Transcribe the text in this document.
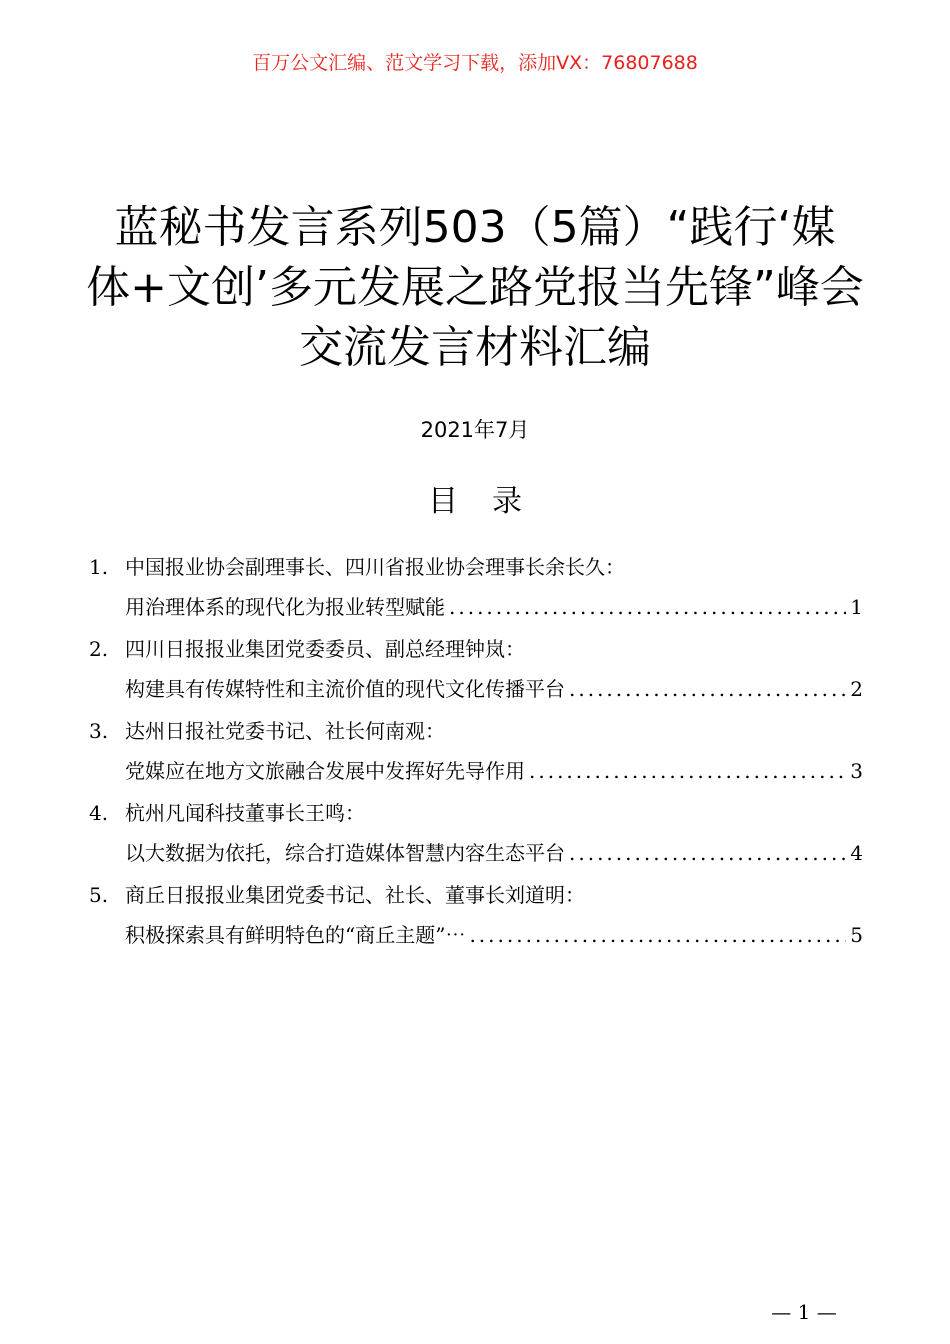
百万公文汇编、范文学习下载，添加VX：76807688
蓝秘书发言系列503（5篇）“践行‘媒
体+文创’多元发展之路党报当先锋”峰会
交流发言材料汇编
2021年7月
目录
1. 中国报业协会副理事长、四川省报业协会理事长余长久：
用治理体系的现代化为报业转型赋能 .....	1
2. 四川日报报业集团党委委员、副总经理钟岚：
构建具有传媒特性和主流价值的现代文化传播平台 .....	2
3. 达州日报社党委书记、社长何南观：
党媒应在地方文旅融合发展中发挥好先导作用 .....	3
4. 杭州凡闻科技董事长王鸣：
以大数据为依托，综合打造媒体智慧内容生态平台 .....	4
5. 商丘日报报业集团党委书记、社长、董事长刘道明：
积极探索具有鲜明特色的“商丘主题”⋯ .....	5
— 1 —
